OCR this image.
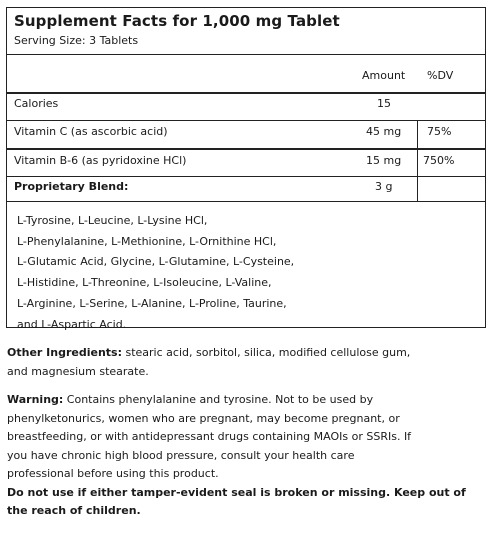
Supplement Facts for 1,000 mg Tablet
Serving Size: 3 Tablets
Amount %DV
Calories	15
Vitamin C (as ascorbic acid)	45 mg 75%
Vitamin B-6 (as pyridoxine HCl)	15 mg 750%
Proprietary Blend:	3 g
L-Tyrosine, L-Leucine, L-Lysine HCl,
L-Phenylalanine, L-Methionine, L-Ornithine HCl,
L-Glutamic Acid, Glycine, L-Glutamine, L-Cysteine,
L-Histidine, L-Threonine, L-Isoleucine, L-Valine,
L-Arginine, L-Serine, L-Alanine, L-Proline, Taurine,
and L-Aspartic Acid.
Other Ingredients: stearic acid, sorbitol, silica, modified cellulose gum,
and magnesium stearate.
Warning: Contains phenylalanine and tyrosine. Not to be used by
phenylketonurics, women who are pregnant, may become pregnant, or
breastfeeding, or with antidepressant drugs containing MAOIs or SSRIs. If
you have chronic high blood pressure, consult your health care
professional before using this product.
Do not use if either tamper-evident seal is broken or missing. Keep out of
the reach of children.
